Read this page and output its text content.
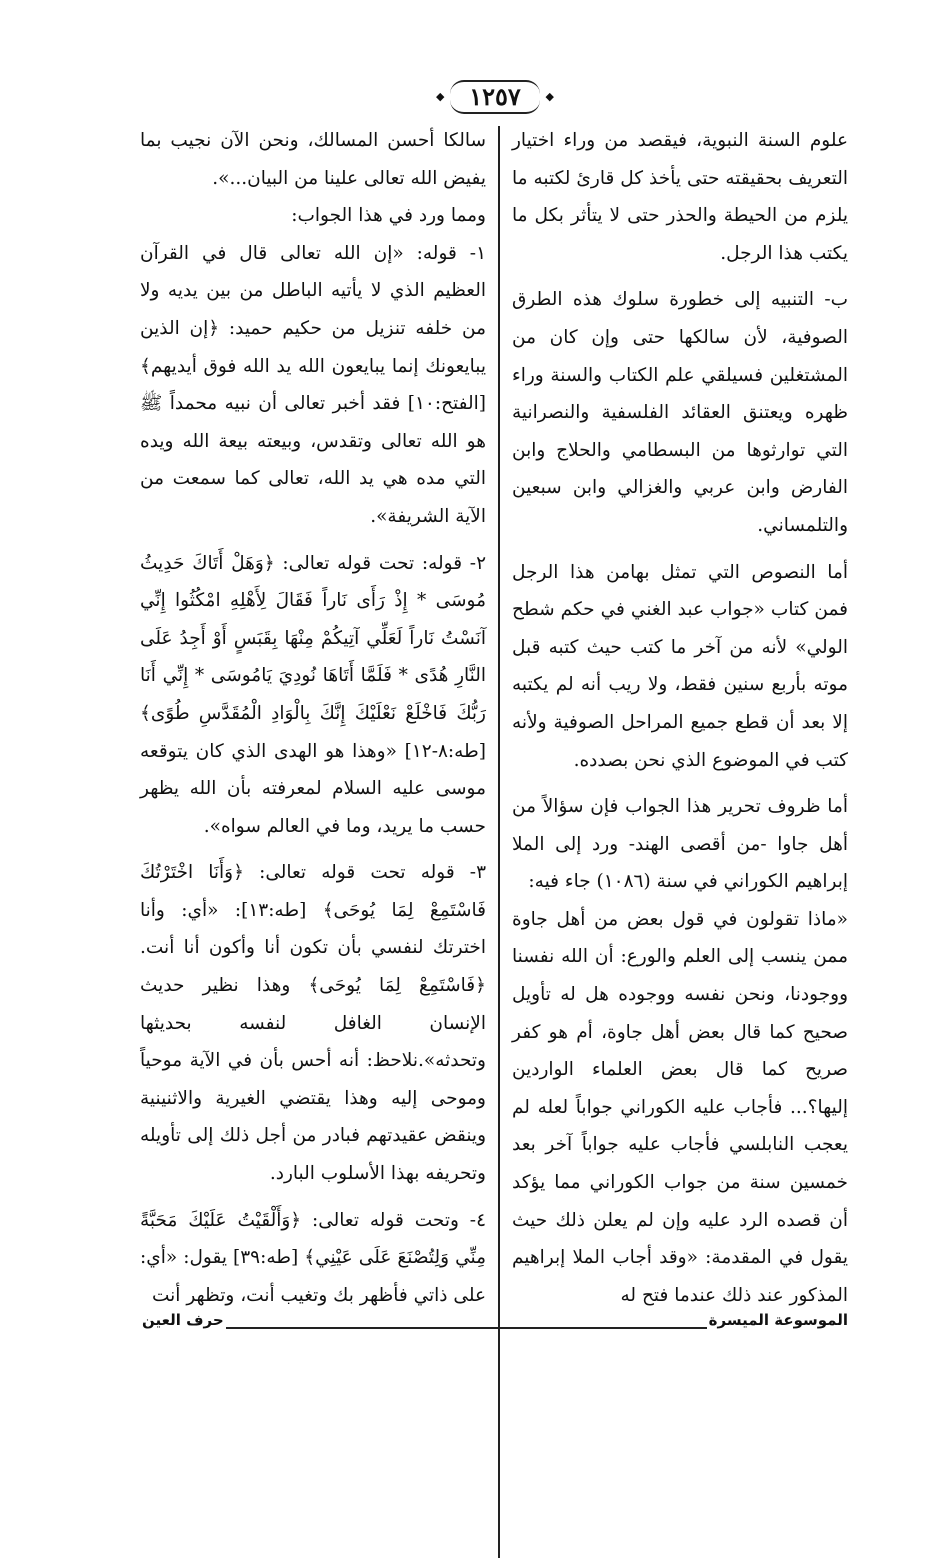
◆ ١٢٥٧ ◆

علوم السنة النبوية، فيقصد من وراء اختيار التعريف بحقيقته حتى يأخذ كل قارئ لكتبه ما يلزم من الحيطة والحذر حتى لا يتأثر بكل ما يكتب هذا الرجل.

ب- التنبيه إلى خطورة سلوك هذه الطرق الصوفية، لأن سالكها حتى وإن كان من المشتغلين فسيلقي علم الكتاب والسنة وراء ظهره ويعتنق العقائد الفلسفية والنصرانية التي توارثوها من البسطامي والحلاج وابن الفارض وابن عربي والغزالي وابن سبعين والتلمساني.

أما النصوص التي تمثل بهامن هذا الرجل فمن كتاب «جواب عبد الغني في حكم شطح الولي» لأنه من آخر ما كتب حيث كتبه قبل موته بأربع سنين فقط، ولا ريب أنه لم يكتبه إلا بعد أن قطع جميع المراحل الصوفية ولأنه كتب في الموضوع الذي نحن بصدده.

أما ظروف تحرير هذا الجواب فإن سؤالاً من أهل جاوا -من أقصى الهند- ورد إلى الملا إبراهيم الكوراني في سنة (١٠٨٦) جاء فيه:

«ماذا تقولون في قول بعض من أهل جاوة ممن ينسب إلى العلم والورع: أن الله نفسنا ووجودنا، ونحن نفسه ووجوده هل له تأويل صحيح كما قال بعض أهل جاوة، أم هو كفر صريح كما قال بعض العلماء الواردين إليها؟... فأجاب عليه الكوراني جواباً لعله لم يعجب النابلسي فأجاب عليه جواباً آخر بعد خمسين سنة من جواب الكوراني مما يؤكد أن قصده الرد عليه وإن لم يعلن ذلك حيث يقول في المقدمة: «وقد أجاب الملا إبراهيم المذكور عند ذلك عندما فتح له

سالكا أحسن المسالك، ونحن الآن نجيب بما يفيض الله تعالى علينا من البيان...».

ومما ورد في هذا الجواب:

١- قوله: «إن الله تعالى قال في القرآن العظيم الذي لا يأتيه الباطل من بين يديه ولا من خلفه تنزيل من حكيم حميد: ﴿إن الذين يبايعونك إنما يبايعون الله يد الله فوق أيديهم﴾ [الفتح:١٠] فقد أخبر تعالى أن نبيه محمداً ﷺ هو الله تعالى وتقدس، وبيعته بيعة الله ويده التي مده هي يد الله، تعالى كما سمعت من الآية الشريفة».

٢- قوله: تحت قوله تعالى: ﴿وَهَلْ أَتَاكَ حَدِيثُ مُوسَى * إِذْ رَأَى نَاراً فَقَالَ لِأَهْلِهِ امْكُثُوا إِنِّي آنَسْتُ نَاراً لَعَلِّي آتِيكُمْ مِنْهَا بِقَبَسٍ أَوْ أَجِدُ عَلَى النَّارِ هُدًى * فَلَمَّا أَتَاهَا نُودِيَ يَامُوسَى * إِنِّي أَنَا رَبُّكَ فَاخْلَعْ نَعْلَيْكَ إِنَّكَ بِالْوَادِ الْمُقَدَّسِ طُوًى﴾ [طه:٨-١٢] «وهذا هو الهدى الذي كان يتوقعه موسى عليه السلام لمعرفته بأن الله يظهر حسب ما يريد، وما في العالم سواه».

٣- قوله تحت قوله تعالى: ﴿وَأَنَا اخْتَرْتُكَ فَاسْتَمِعْ لِمَا يُوحَى﴾ [طه:١٣]: «أي: وأنا اخترتك لنفسي بأن تكون أنا وأكون أنا أنت. ﴿فَاسْتَمِعْ لِمَا يُوحَى﴾ وهذا نظير حديث الإنسان الغافل لنفسه بحديثها وتحدثه».نلاحظ: أنه أحس بأن في الآية موحياً وموحى إليه وهذا يقتضي الغيرية والاثنينية وينقض عقيدتهم فبادر من أجل ذلك إلى تأويله وتحريفه بهذا الأسلوب البارد.

٤- وتحت قوله تعالى: ﴿وَأَلْقَيْتُ عَلَيْكَ مَحَبَّةً مِنِّي وَلِتُصْنَعَ عَلَى عَيْنِي﴾ [طه:٣٩] يقول: «أي: على ذاتي فأظهر بك وتغيب أنت، وتظهر أنت

الموسوعة الميسرة
حرف العين
